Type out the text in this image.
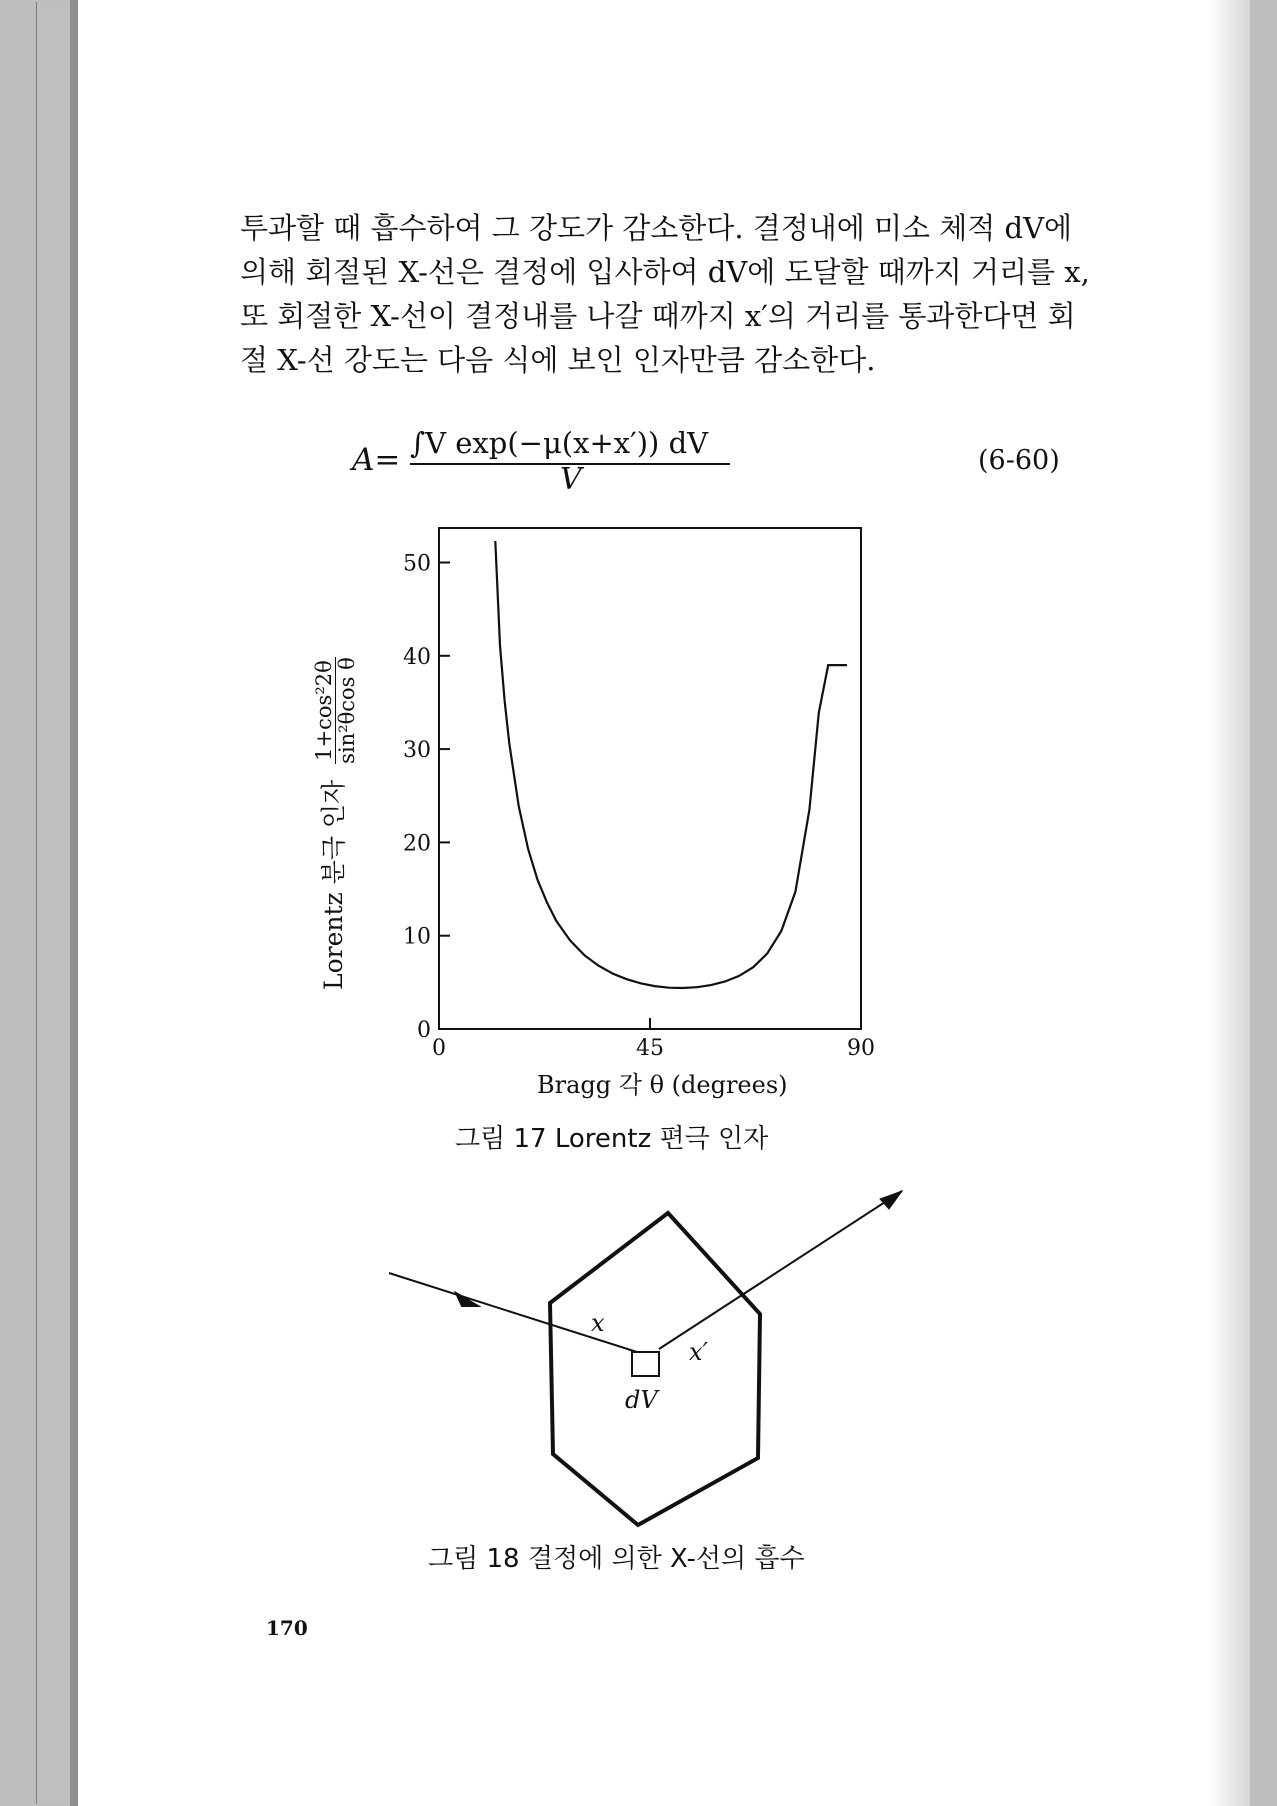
투과할 때 흡수하여 그 강도가 감소한다. 결정내에 미소 체적 dV에 의해 회절된 X-선은 결정에 입사하여 dV에 도달할 때까지 거리를 x, 또 회절한 X-선이 결정내를 나갈 때까지 x′의 거리를 통과한다면 회절 X-선 강도는 다음 식에 보인 인자만큼 감소한다.

A= ∫V exp(−μ(x+x′)) dV
V
(6-60)
0
10
20
30
40
50
0	45	90
x
x′
dV
Lorentz 분극 인자
1+cos²2θ sin²θcos θ
Bragg 각 θ (degrees)
그림 17 Lorentz 편극 인자
그림 18 결정에 의한 X-선의 흡수
170
